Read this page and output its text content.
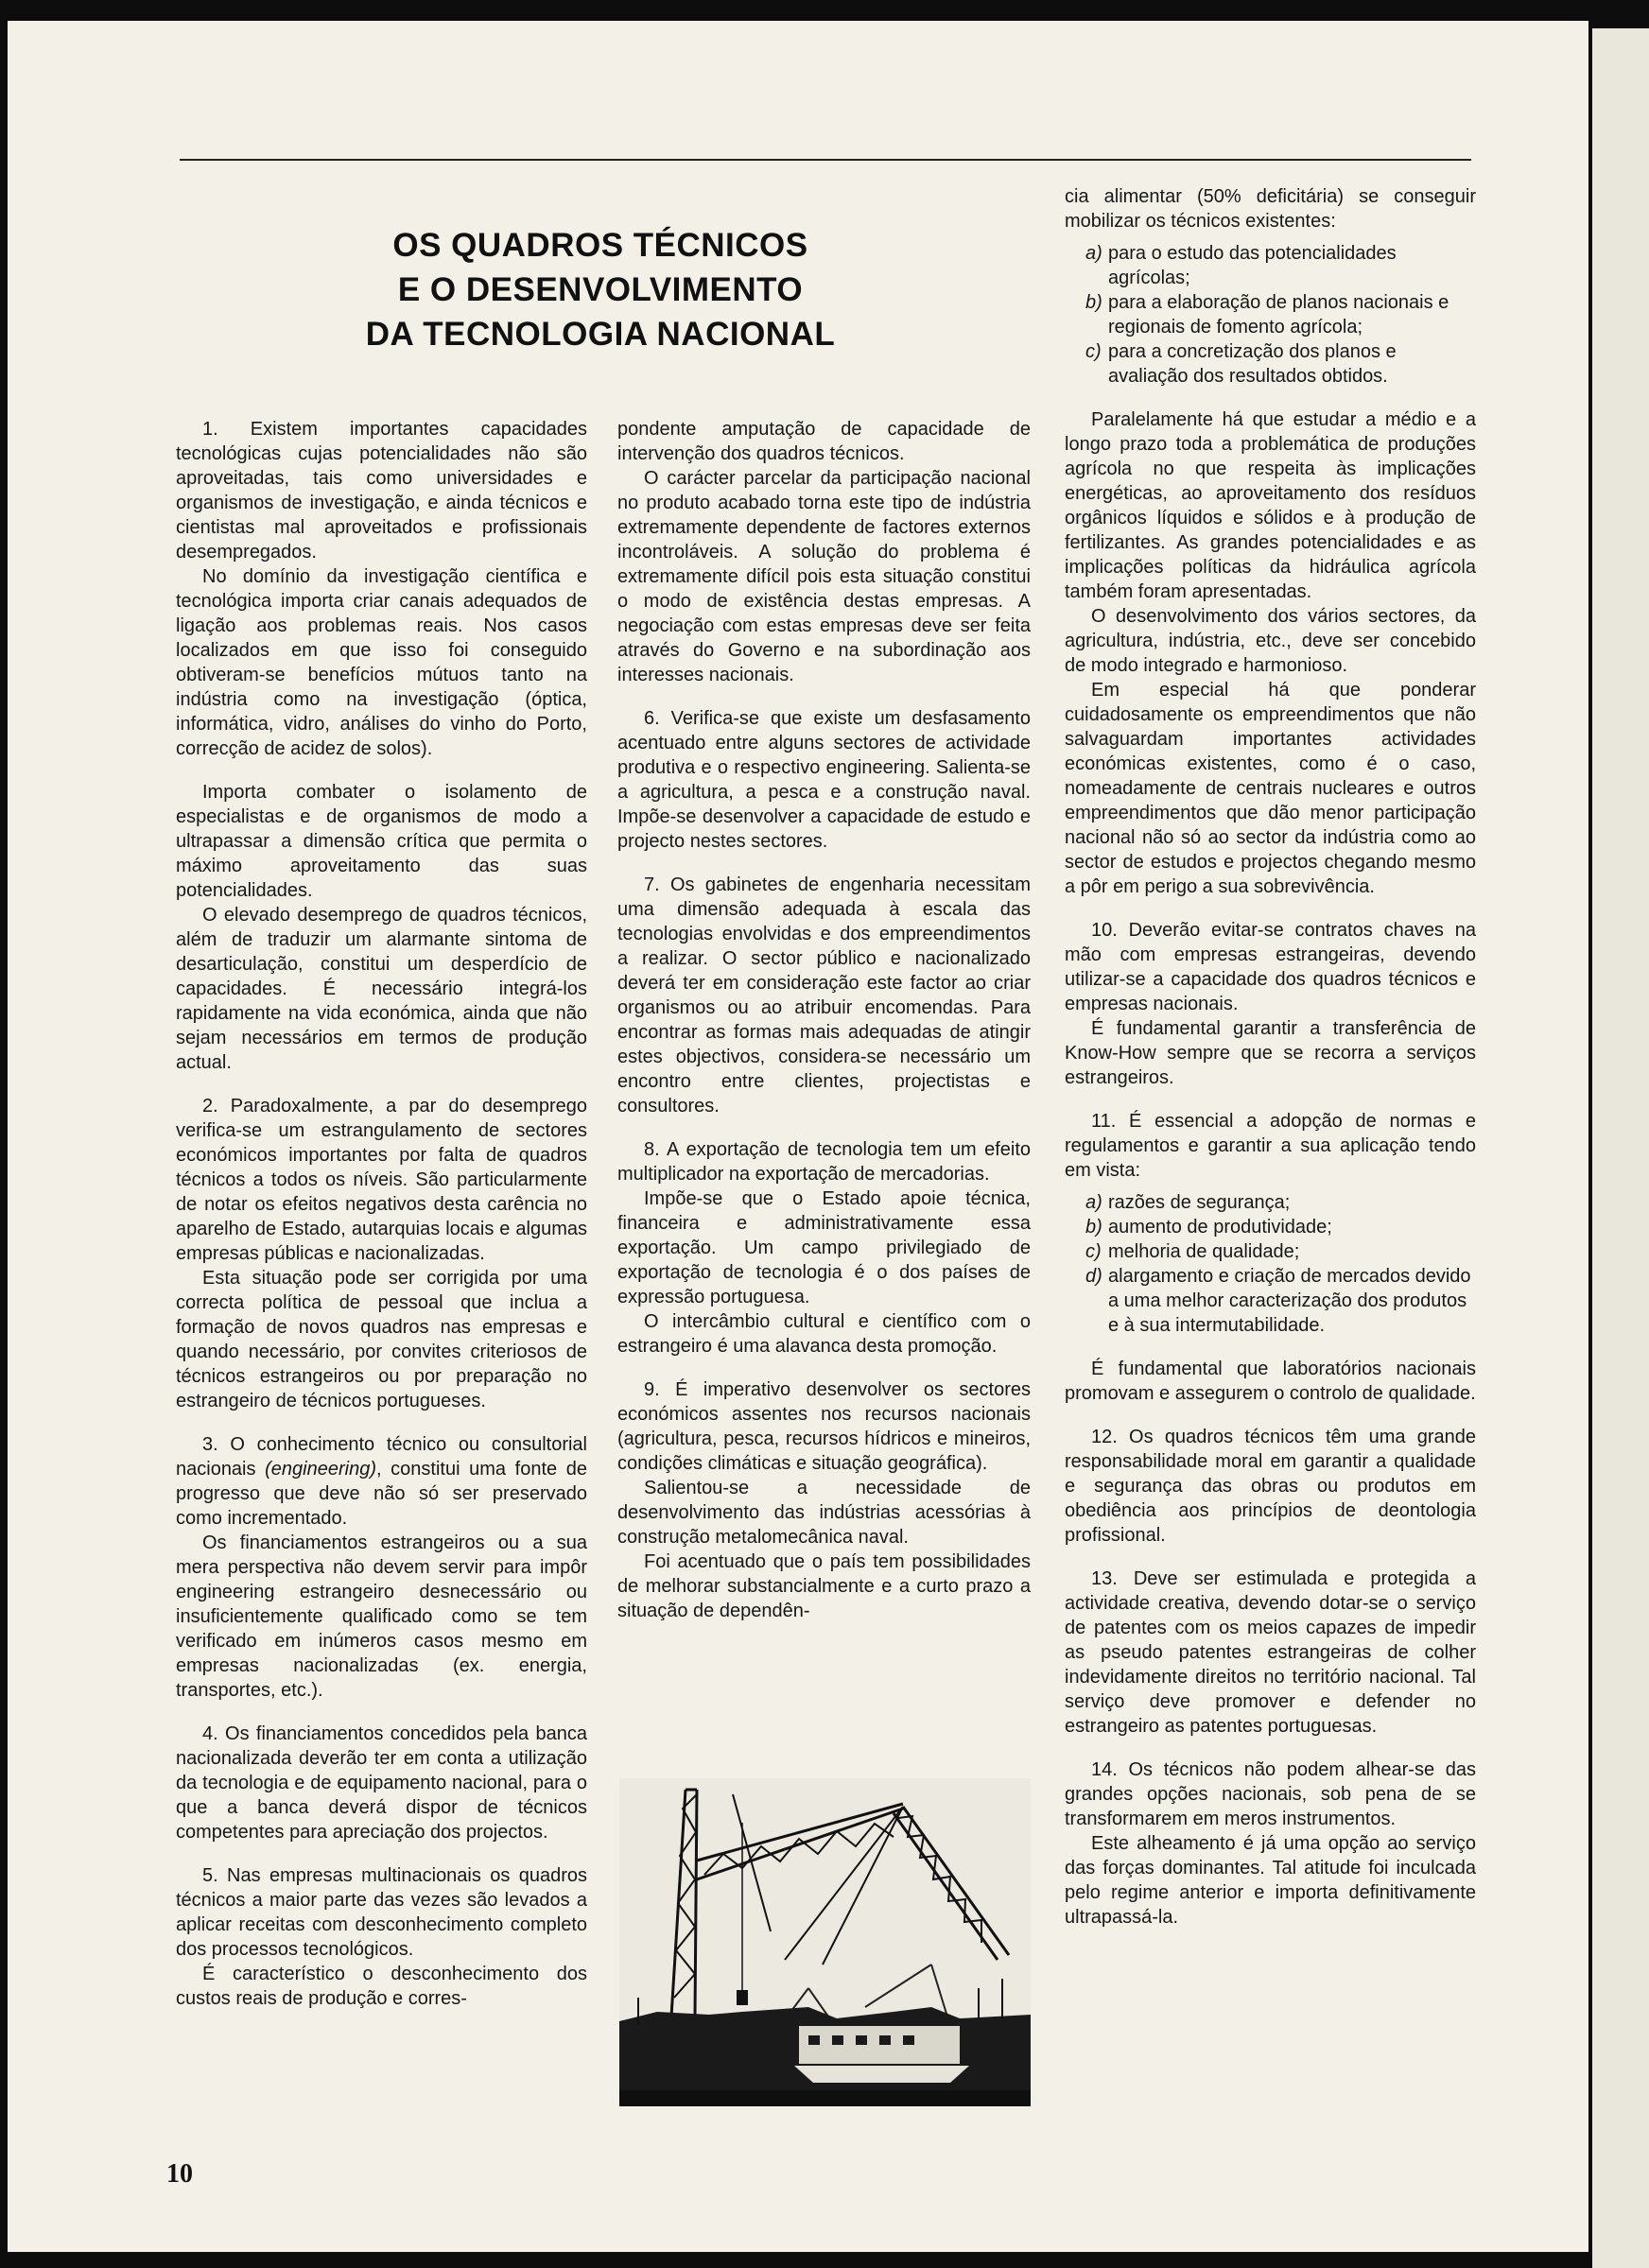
OS QUADROS TÉCNICOS
E O DESENVOLVIMENTO
DA TECNOLOGIA NACIONAL

1. Existem importantes capacidades tecnológicas cujas potencialidades não são aproveitadas, tais como universidades e organismos de investigação, e ainda técnicos e cientistas mal aproveitados e profissionais desempregados.

No domínio da investigação científica e tecnológica importa criar canais adequados de ligação aos problemas reais. Nos casos localizados em que isso foi conseguido obtiveram-se benefícios mútuos tanto na indústria como na investigação (óptica, informática, vidro, análises do vinho do Porto, correcção de acidez de solos).

Importa combater o isolamento de especialistas e de organismos de modo a ultrapassar a dimensão crítica que permita o máximo aproveitamento das suas potencialidades.

O elevado desemprego de quadros técnicos, além de traduzir um alarmante sintoma de desarticulação, constitui um desperdício de capacidades. É necessário integrá-los rapidamente na vida económica, ainda que não sejam necessários em termos de produção actual.

2. Paradoxalmente, a par do desemprego verifica-se um estrangulamento de sectores económicos importantes por falta de quadros técnicos a todos os níveis. São particularmente de notar os efeitos negativos desta carência no aparelho de Estado, autarquias locais e algumas empresas públicas e nacionalizadas.

Esta situação pode ser corrigida por uma correcta política de pessoal que inclua a formação de novos quadros nas empresas e quando necessário, por convites criteriosos de técnicos estrangeiros ou por preparação no estrangeiro de técnicos portugueses.

3. O conhecimento técnico ou consultorial nacionais (engineering), constitui uma fonte de progresso que deve não só ser preservado como incrementado.

Os financiamentos estrangeiros ou a sua mera perspectiva não devem servir para impôr engineering estrangeiro desnecessário ou insuficientemente qualificado como se tem verificado em inúmeros casos mesmo em empresas nacionalizadas (ex. energia, transportes, etc.).

4. Os financiamentos concedidos pela banca nacionalizada deverão ter em conta a utilização da tecnologia e de equipamento nacional, para o que a banca deverá dispor de técnicos competentes para apreciação dos projectos.

5. Nas empresas multinacionais os quadros técnicos a maior parte das vezes são levados a aplicar receitas com desconhecimento completo dos processos tecnológicos.

É característico o desconhecimento dos custos reais de produção e corres-

pondente amputação de capacidade de intervenção dos quadros técnicos.

O carácter parcelar da participação nacional no produto acabado torna este tipo de indústria extremamente dependente de factores externos incontroláveis. A solução do problema é extremamente difícil pois esta situação constitui o modo de existência destas empresas. A negociação com estas empresas deve ser feita através do Governo e na subordinação aos interesses nacionais.

6. Verifica-se que existe um desfasamento acentuado entre alguns sectores de actividade produtiva e o respectivo engineering. Salienta-se a agricultura, a pesca e a construção naval. Impõe-se desenvolver a capacidade de estudo e projecto nestes sectores.

7. Os gabinetes de engenharia necessitam uma dimensão adequada à escala das tecnologias envolvidas e dos empreendimentos a realizar. O sector público e nacionalizado deverá ter em consideração este factor ao criar organismos ou ao atribuir encomendas. Para encontrar as formas mais adequadas de atingir estes objectivos, considera-se necessário um encontro entre clientes, projectistas e consultores.

8. A exportação de tecnologia tem um efeito multiplicador na exportação de mercadorias.

Impõe-se que o Estado apoie técnica, financeira e administrativamente essa exportação. Um campo privilegiado de exportação de tecnologia é o dos países de expressão portuguesa.

O intercâmbio cultural e científico com o estrangeiro é uma alavanca desta promoção.

9. É imperativo desenvolver os sectores económicos assentes nos recursos nacionais (agricultura, pesca, recursos hídricos e mineiros, condições climáticas e situação geográfica).

Salientou-se a necessidade de desenvolvimento das indústrias acessórias à construção metalomecânica naval.

Foi acentuado que o país tem possibilidades de melhorar substancialmente e a curto prazo a situação de dependên-

cia alimentar (50% deficitária) se conseguir mobilizar os técnicos existentes:

a) para o estudo das potencialidades agrícolas;
b) para a elaboração de planos nacionais e regionais de fomento agrícola;
c) para a concretização dos planos e avaliação dos resultados obtidos.

Paralelamente há que estudar a médio e a longo prazo toda a problemática de produções agrícola no que respeita às implicações energéticas, ao aproveitamento dos resíduos orgânicos líquidos e sólidos e à produção de fertilizantes. As grandes potencialidades e as implicações políticas da hidráulica agrícola também foram apresentadas.

O desenvolvimento dos vários sectores, da agricultura, indústria, etc., deve ser concebido de modo integrado e harmonioso.

Em especial há que ponderar cuidadosamente os empreendimentos que não salvaguardam importantes actividades económicas existentes, como é o caso, nomeadamente de centrais nucleares e outros empreendimentos que dão menor participação nacional não só ao sector da indústria como ao sector de estudos e projectos chegando mesmo a pôr em perigo a sua sobrevivência.

10. Deverão evitar-se contratos chaves na mão com empresas estrangeiras, devendo utilizar-se a capacidade dos quadros técnicos e empresas nacionais.

É fundamental garantir a transferência de Know-How sempre que se recorra a serviços estrangeiros.

11. É essencial a adopção de normas e regulamentos e garantir a sua aplicação tendo em vista:

a) razões de segurança;
b) aumento de produtividade;
c) melhoria de qualidade;
d) alargamento e criação de mercados devido a uma melhor caracterização dos produtos e à sua intermutabilidade.

É fundamental que laboratórios nacionais promovam e assegurem o controlo de qualidade.

12. Os quadros técnicos têm uma grande responsabilidade moral em garantir a qualidade e segurança das obras ou produtos em obediência aos princípios de deontologia profissional.

13. Deve ser estimulada e protegida a actividade creativa, devendo dotar-se o serviço de patentes com os meios capazes de impedir as pseudo patentes estrangeiras de colher indevidamente direitos no território nacional. Tal serviço deve promover e defender no estrangeiro as patentes portuguesas.

14. Os técnicos não podem alhear-se das grandes opções nacionais, sob pena de se transformarem em meros instrumentos.

Este alheamento é já uma opção ao serviço das forças dominantes. Tal atitude foi inculcada pelo regime anterior e importa definitivamente ultrapassá-la.

10
